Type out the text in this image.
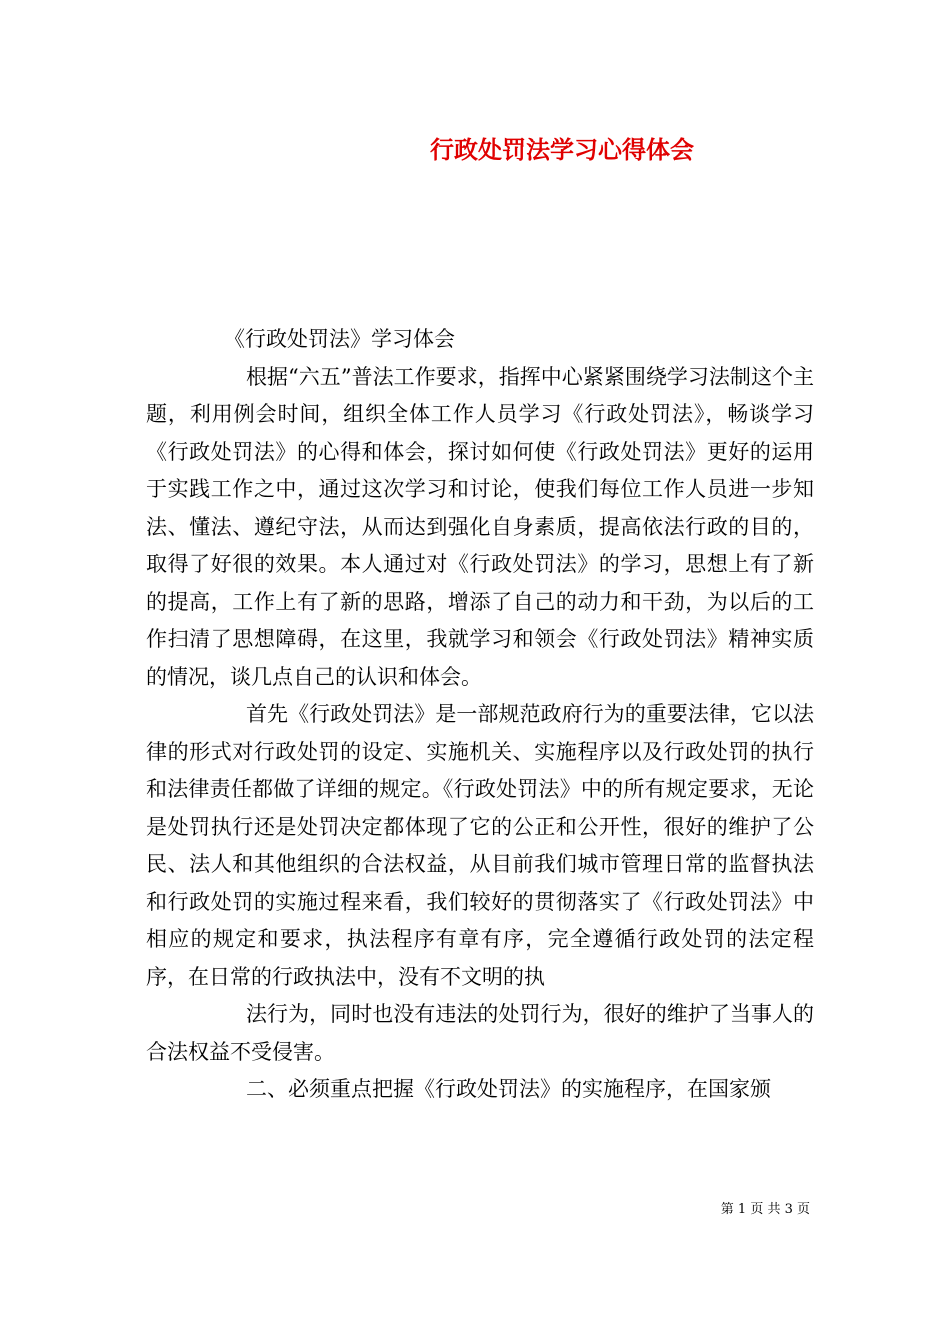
行政处罚法学习心得体会

《行政处罚法》学习体会

根据“六五”普法工作要求，指挥中心紧紧围绕学习法制这个主题，利用例会时间，组织全体工作人员学习《行政处罚法》，畅谈学习《行政处罚法》的心得和体会，探讨如何使《行政处罚法》更好的运用于实践工作之中，通过这次学习和讨论，使我们每位工作人员进一步知法、懂法、遵纪守法，从而达到强化自身素质，提高依法行政的目的，取得了好很的效果。本人通过对《行政处罚法》的学习，思想上有了新的提高，工作上有了新的思路，增添了自己的动力和干劲，为以后的工作扫清了思想障碍，在这里，我就学习和领会《行政处罚法》精神实质的情况，谈几点自己的认识和体会。

首先《行政处罚法》是一部规范政府行为的重要法律，它以法律的形式对行政处罚的设定、实施机关、实施程序以及行政处罚的执行和法律责任都做了详细的规定。《行政处罚法》中的所有规定要求，无论是处罚执行还是处罚决定都体现了它的公正和公开性，很好的维护了公民、法人和其他组织的合法权益，从目前我们城市管理日常的监督执法和行政处罚的实施过程来看，我们较好的贯彻落实了《行政处罚法》中相应的规定和要求，执法程序有章有序，完全遵循行政处罚的法定程序，在日常的行政执法中，没有不文明的执

法行为，同时也没有违法的处罚行为，很好的维护了当事人的合法权益不受侵害。

二、必须重点把握《行政处罚法》的实施程序，在国家颁

第 1 页 共 3 页
